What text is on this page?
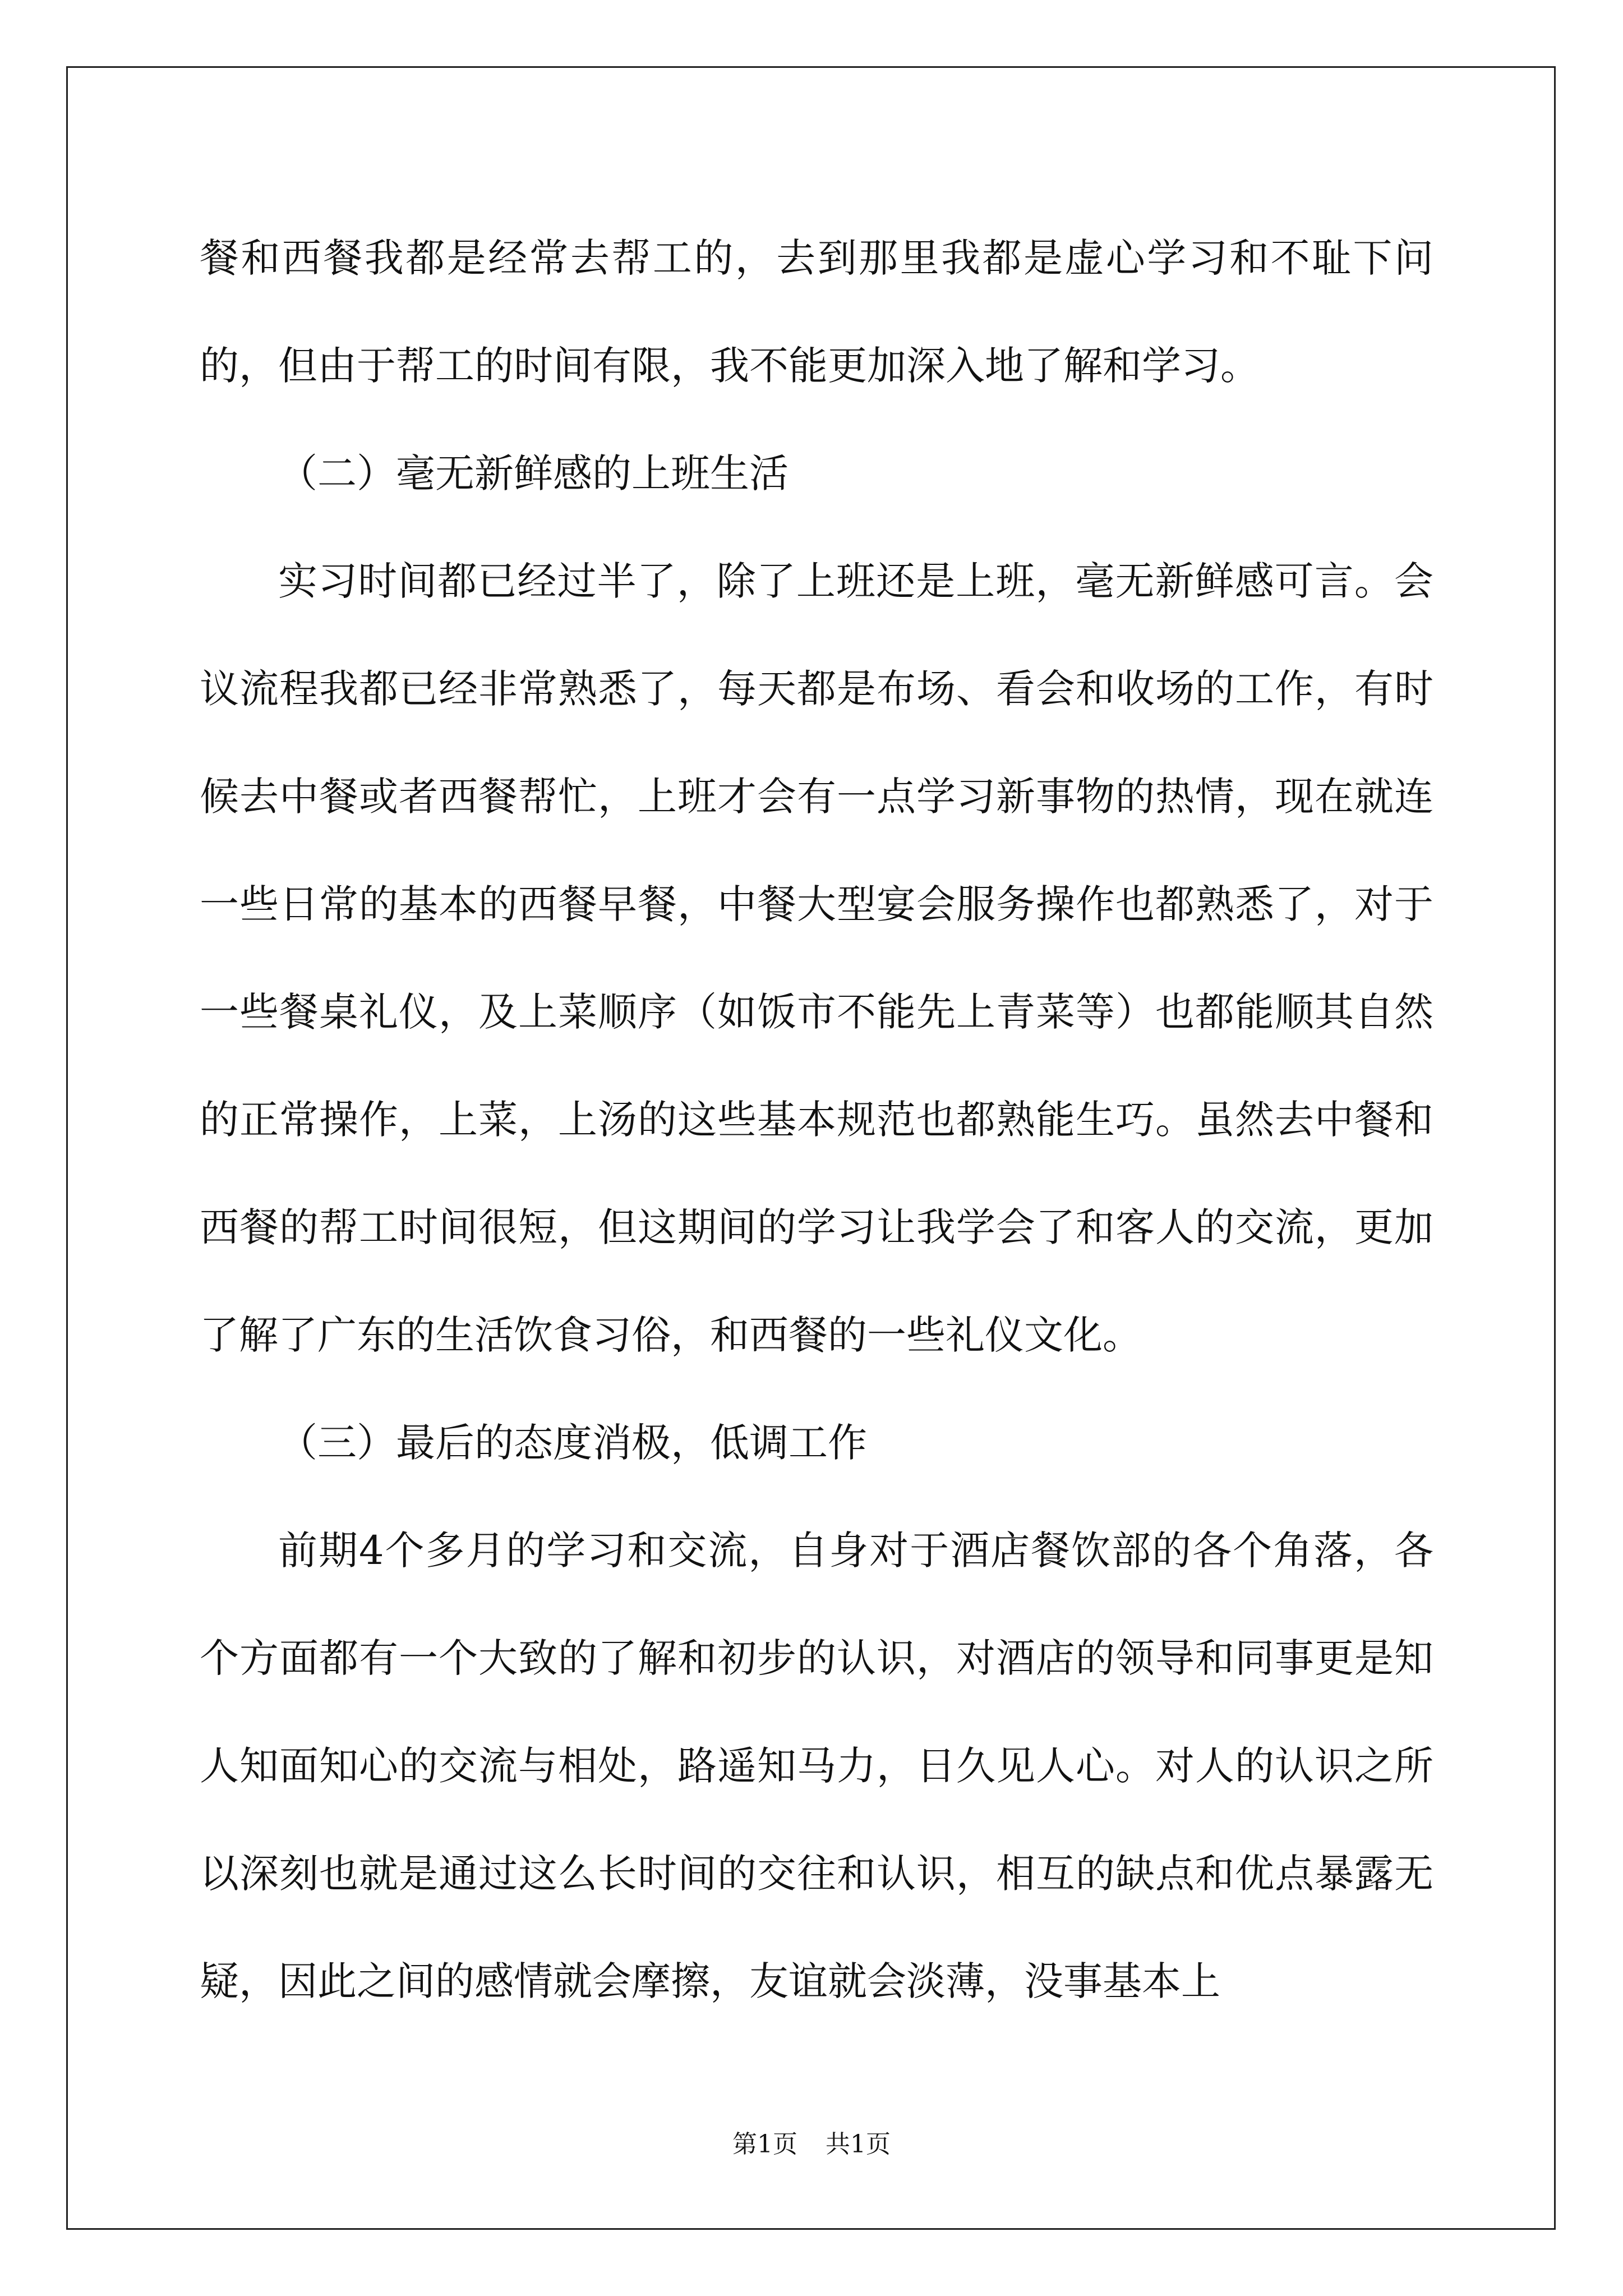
餐和西餐我都是经常去帮工的，去到那里我都是虚心学习和不耻下问的，但由于帮工的时间有限，我不能更加深入地了解和学习。

（二）毫无新鲜感的上班生活

实习时间都已经过半了，除了上班还是上班，毫无新鲜感可言。会议流程我都已经非常熟悉了，每天都是布场、看会和收场的工作，有时候去中餐或者西餐帮忙，上班才会有一点学习新事物的热情，现在就连一些日常的基本的西餐早餐，中餐大型宴会服务操作也都熟悉了，对于一些餐桌礼仪，及上菜顺序（如饭市不能先上青菜等）也都能顺其自然的正常操作，上菜，上汤的这些基本规范也都熟能生巧。虽然去中餐和西餐的帮工时间很短，但这期间的学习让我学会了和客人的交流，更加了解了广东的生活饮食习俗，和西餐的一些礼仪文化。

（三）最后的态度消极，低调工作

前期4个多月的学习和交流，自身对于酒店餐饮部的各个角落，各个方面都有一个大致的了解和初步的认识，对酒店的领导和同事更是知人知面知心的交流与相处，路遥知马力，日久见人心。对人的认识之所以深刻也就是通过这么长时间的交往和认识，相互的缺点和优点暴露无疑，因此之间的感情就会摩擦，友谊就会淡薄，没事基本上

第1页 共1页
